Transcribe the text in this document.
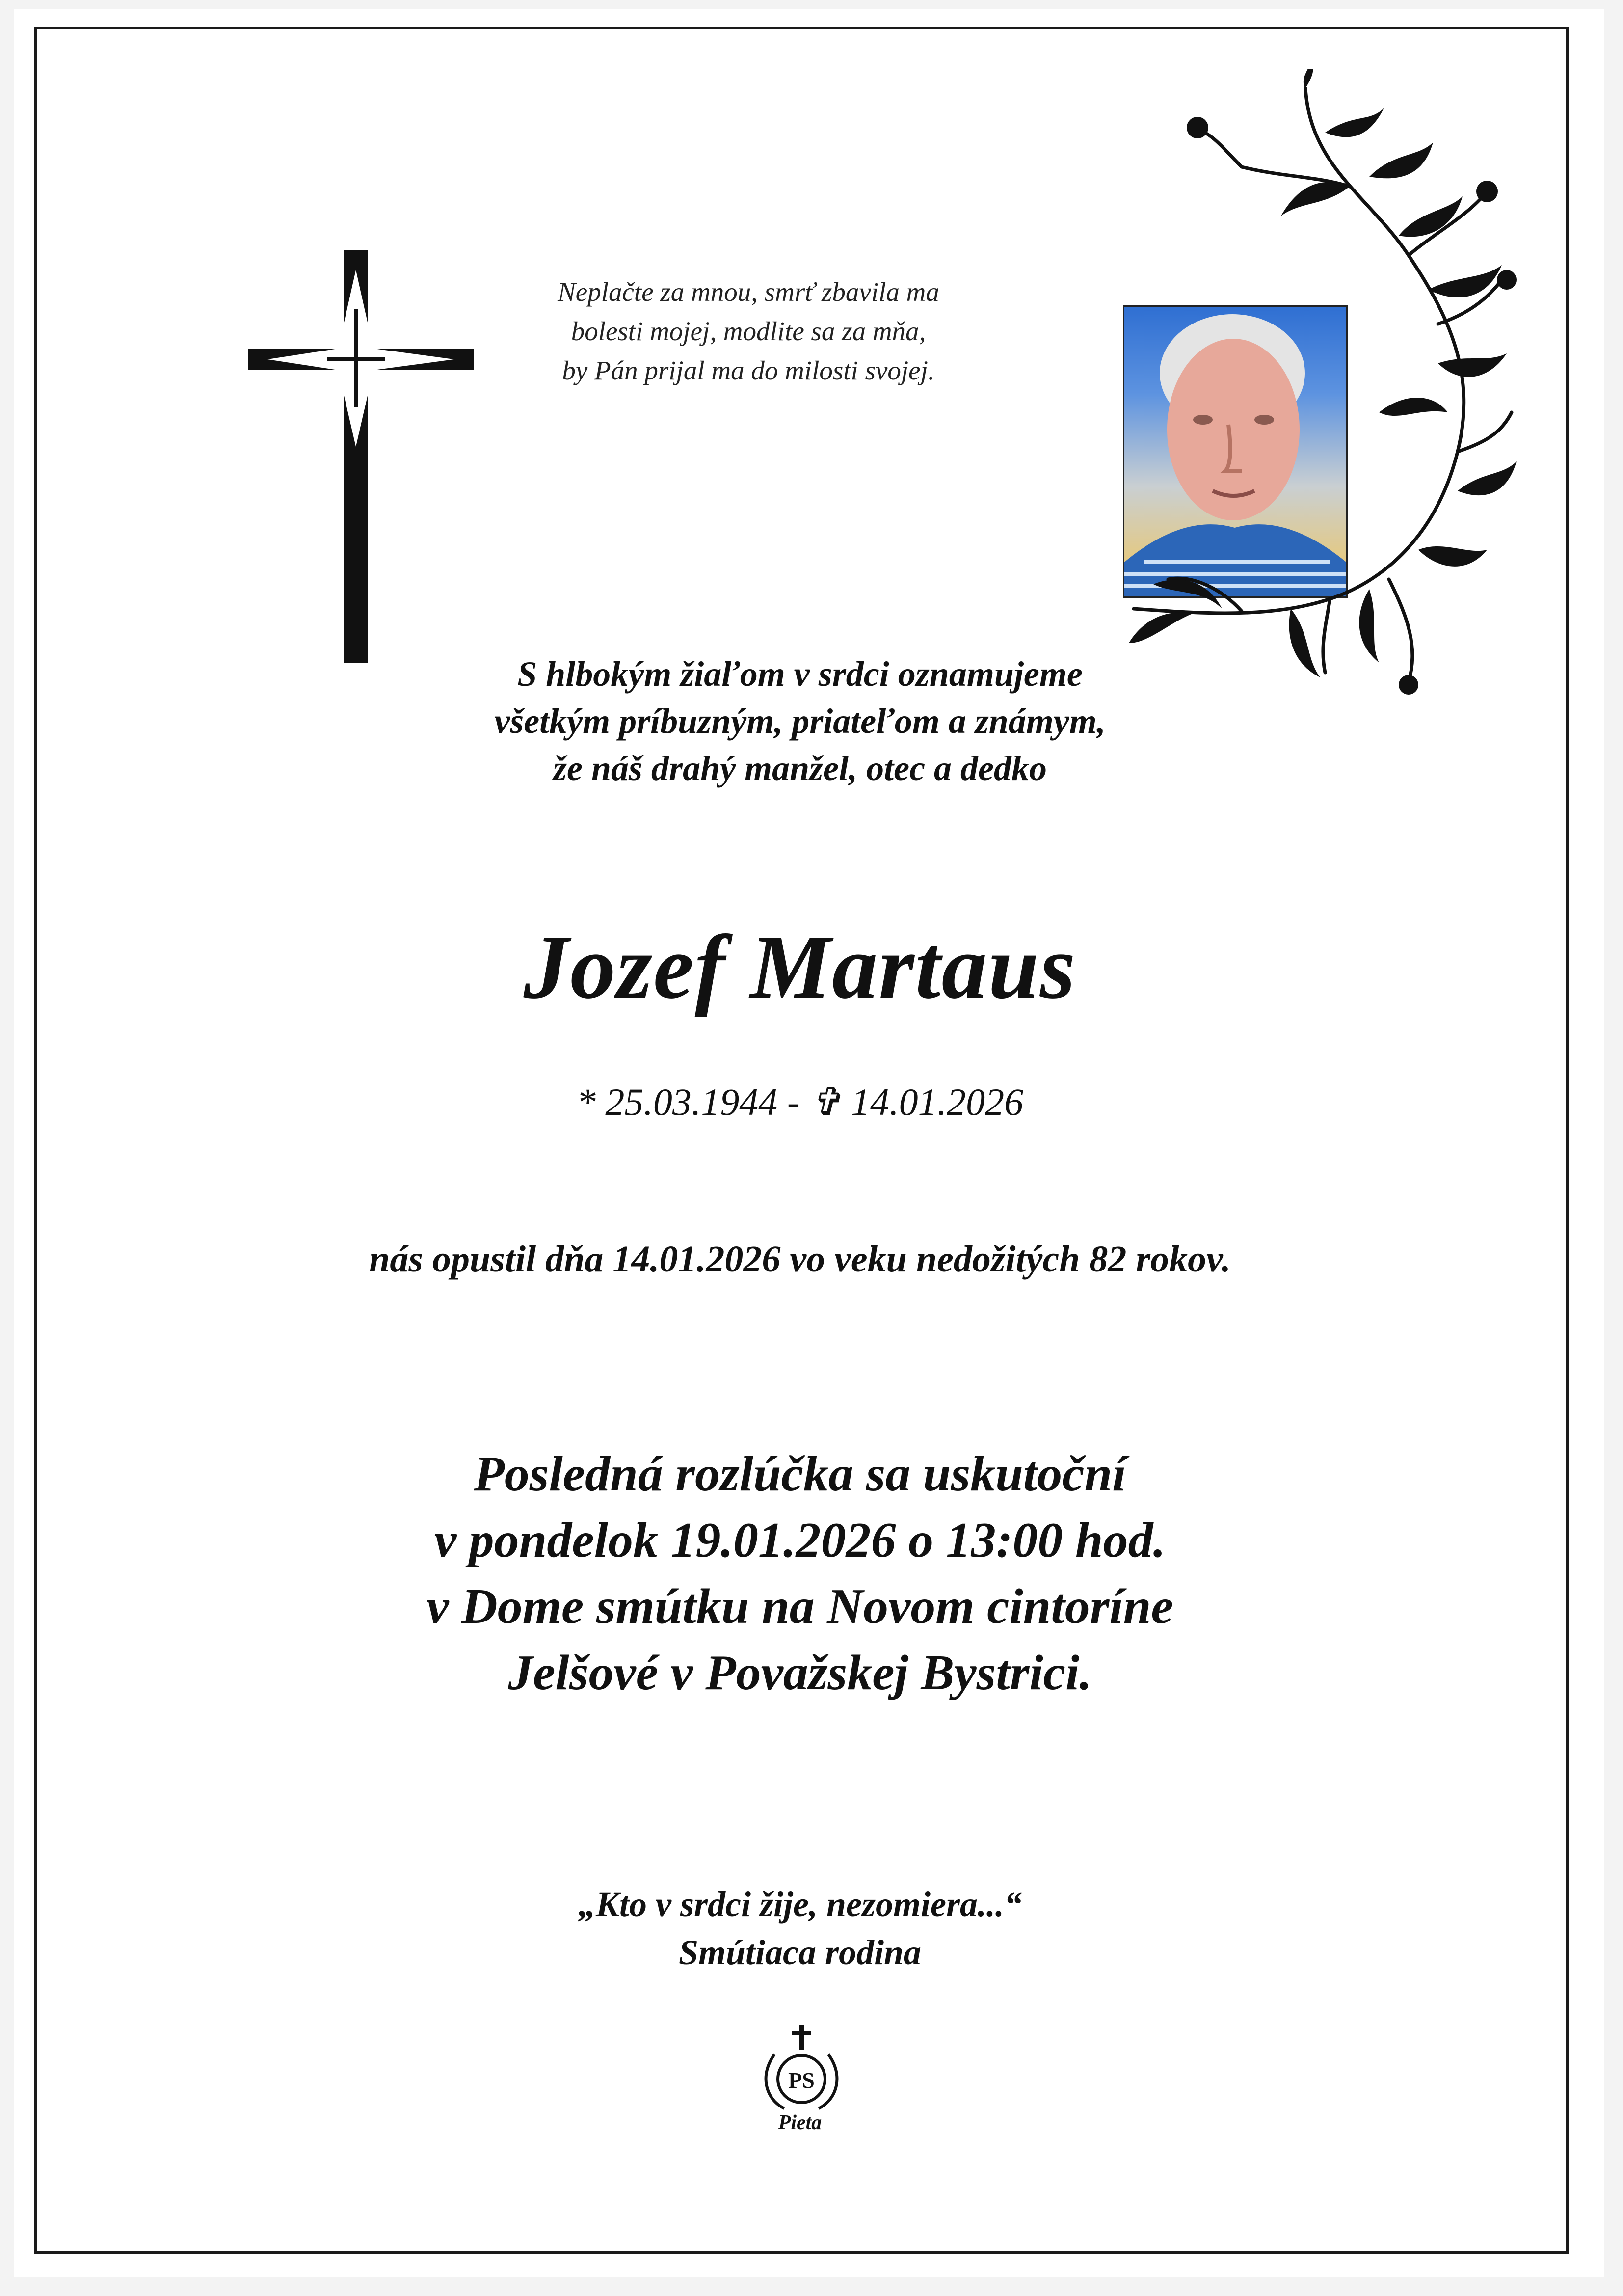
Neplačte za mnou, smrť zbavila ma
bolesti mojej, modlite sa za mňa,
by Pán prijal ma do milosti svojej.
S hlbokým žiaľom v srdci oznamujeme
všetkým príbuzným, priateľom a známym,
že náš drahý manžel, otec a dedko
Jozef Martaus
* 25.03.1944 - ✞ 14.01.2026
nás opustil dňa 14.01.2026 vo veku nedožitých 82 rokov.
Posledná rozlúčka sa uskutoční
v pondelok 19.01.2026 o 13:00 hod.
v Dome smútku na Novom cintoríne
Jelšové v Považskej Bystrici.
„Kto v srdci žije, nezomiera...“
Smútiaca rodina
PS
Pieta
